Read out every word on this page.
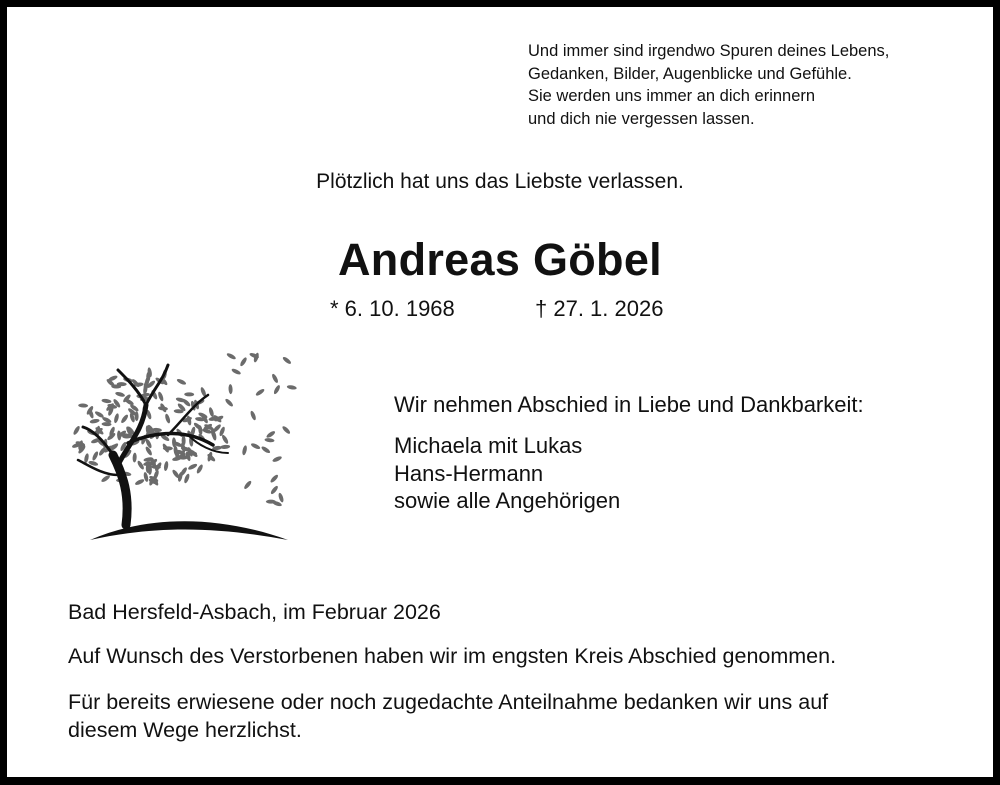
Und immer sind irgendwo Spuren deines Lebens,
Gedanken, Bilder, Augenblicke und Gefühle.
Sie werden uns immer an dich erinnern
und dich nie vergessen lassen.
Plötzlich hat uns das Liebste verlassen.
Andreas Göbel
* 6. 10. 1968	† 27. 1. 2026
Wir nehmen Abschied in Liebe und Dankbarkeit:
Michaela mit Lukas
Hans-Hermann
sowie alle Angehörigen
Bad Hersfeld-Asbach, im Februar 2026
Auf Wunsch des Verstorbenen haben wir im engsten Kreis Abschied genommen.
Für bereits erwiesene oder noch zugedachte Anteilnahme bedanken wir uns auf
diesem Wege herzlichst.
